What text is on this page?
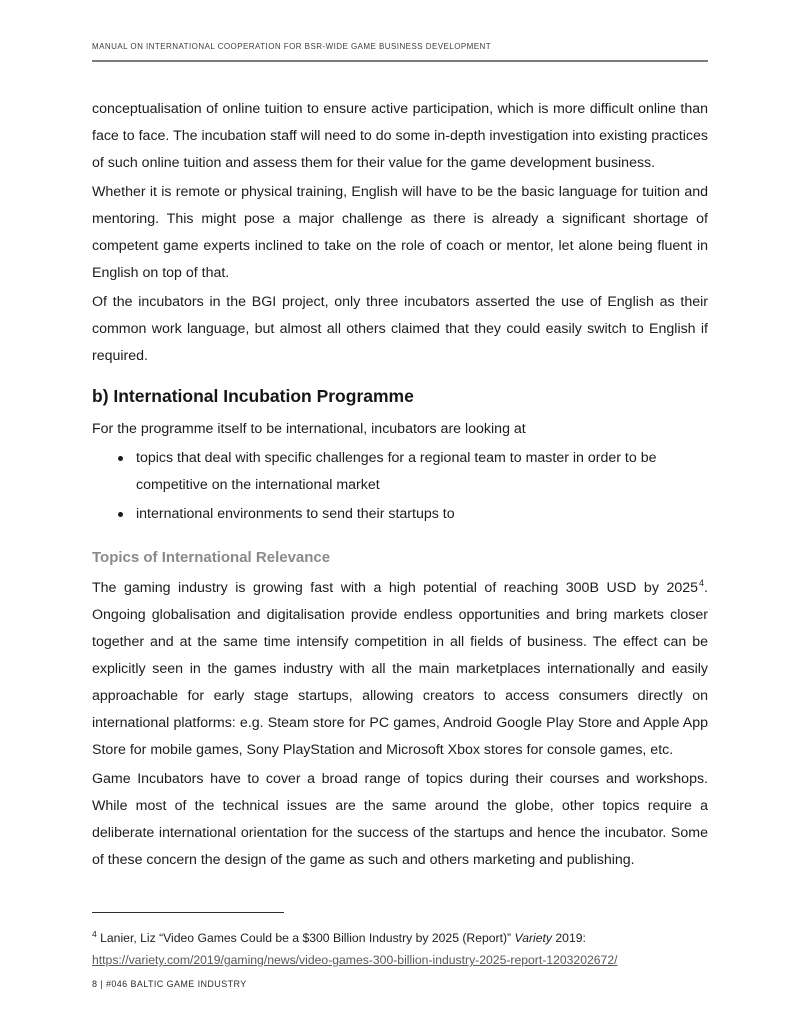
MANUAL ON INTERNATIONAL COOPERATION FOR BSR-WIDE GAME BUSINESS DEVELOPMENT

conceptualisation of online tuition to ensure active participation, which is more difficult online than face to face. The incubation staff will need to do some in-depth investigation into existing practices of such online tuition and assess them for their value for the game development business.

Whether it is remote or physical training, English will have to be the basic language for tuition and mentoring. This might pose a major challenge as there is already a significant shortage of competent game experts inclined to take on the role of coach or mentor, let alone being fluent in English on top of that.

Of the incubators in the BGI project, only three incubators asserted the use of English as their common work language, but almost all others claimed that they could easily switch to English if required.

b) International Incubation Programme

For the programme itself to be international, incubators are looking at

topics that deal with specific challenges for a regional team to master in order to be competitive on the international market
international environments to send their startups to
Topics of International Relevance

The gaming industry is growing fast with a high potential of reaching 300B USD by 2025$^4$. Ongoing globalisation and digitalisation provide endless opportunities and bring markets closer together and at the same time intensify competition in all fields of business. The effect can be explicitly seen in the games industry with all the main marketplaces internationally and easily approachable for early stage startups, allowing creators to access consumers directly on international platforms: e.g. Steam store for PC games, Android Google Play Store and Apple App Store for mobile games, Sony PlayStation and Microsoft Xbox stores for console games, etc.

Game Incubators have to cover a broad range of topics during their courses and workshops. While most of the technical issues are the same around the globe, other topics require a deliberate international orientation for the success of the startups and hence the incubator. Some of these concern the design of the game as such and others marketing and publishing.

$^4$ Lanier, Liz “Video Games Could be a $300 Billion Industry by 2025 (Report)” Variety 2019: https://variety.com/2019/gaming/news/video-games-300-billion-industry-2025-report-1203202672/

8 | #046 BALTIC GAME INDUSTRY
